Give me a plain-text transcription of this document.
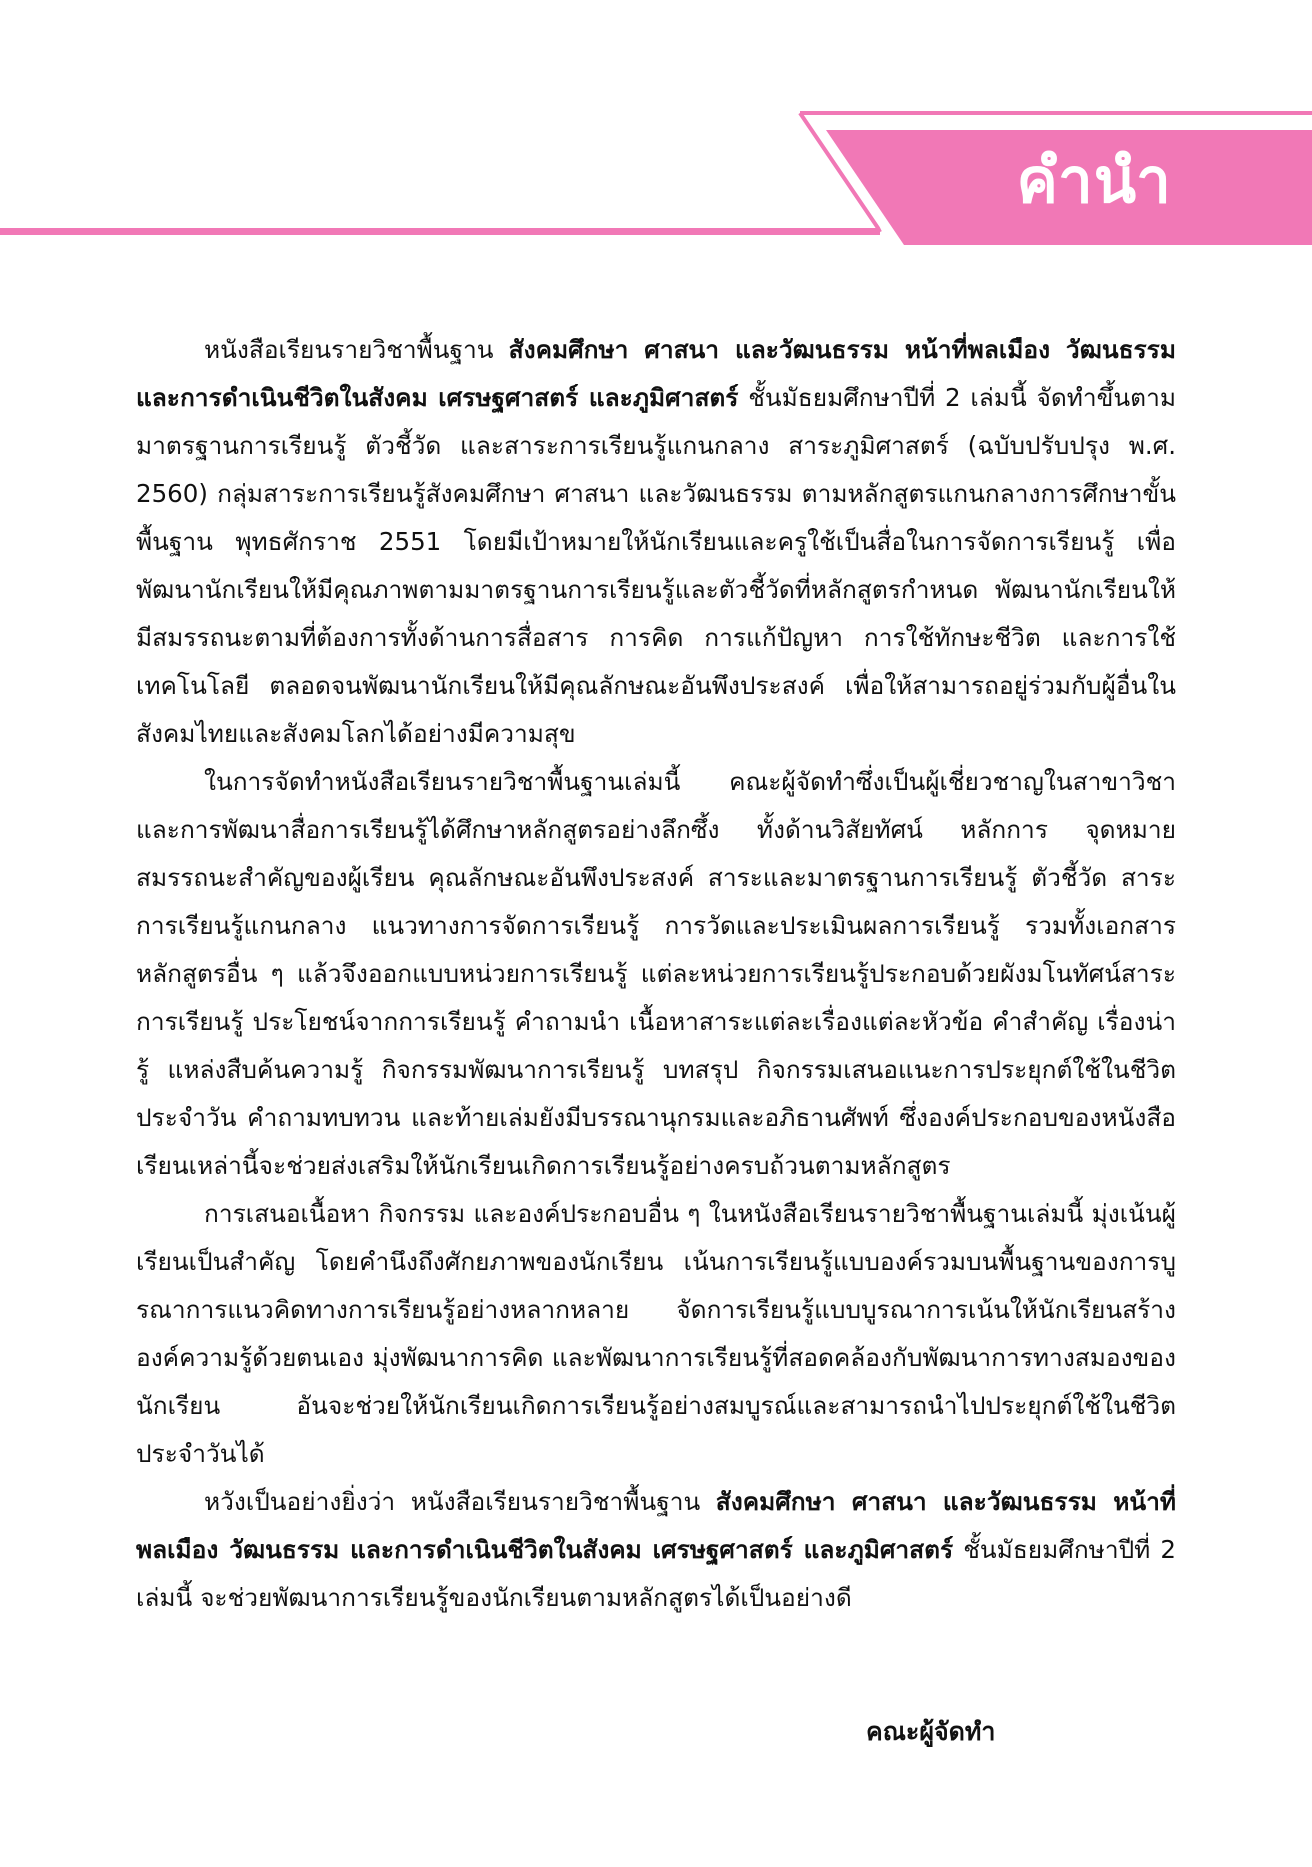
คำนำ

หนังสือเรียนรายวิชาพื้นฐาน สังคมศึกษา ศาสนา และวัฒนธรรม หน้าที่พลเมือง วัฒนธรรม และการดำเนินชีวิตในสังคม เศรษฐศาสตร์ และภูมิศาสตร์ ชั้นมัธยมศึกษาปีที่ 2 เล่มนี้ จัดทำขึ้นตามมาตรฐานการเรียนรู้ ตัวชี้วัด และสาระการเรียนรู้แกนกลาง สาระภูมิศาสตร์ (ฉบับปรับปรุง พ.ศ. 2560) กลุ่มสาระการเรียนรู้สังคมศึกษา ศาสนา และวัฒนธรรม ตามหลักสูตรแกนกลางการศึกษาขั้นพื้นฐาน พุทธศักราช 2551 โดยมีเป้าหมายให้นักเรียนและครูใช้เป็นสื่อในการจัดการเรียนรู้ เพื่อพัฒนานักเรียนให้มีคุณภาพตามมาตรฐานการเรียนรู้และตัวชี้วัดที่หลักสูตรกำหนด พัฒนานักเรียนให้มีสมรรถนะตามที่ต้องการทั้งด้านการสื่อสาร การคิด การแก้ปัญหา การใช้ทักษะชีวิต และการใช้เทคโนโลยี ตลอดจนพัฒนานักเรียนให้มีคุณลักษณะอันพึงประสงค์ เพื่อให้สามารถอยู่ร่วมกับผู้อื่นในสังคมไทยและสังคมโลกได้อย่างมีความสุข

ในการจัดทำหนังสือเรียนรายวิชาพื้นฐานเล่มนี้ คณะผู้จัดทำซึ่งเป็นผู้เชี่ยวชาญในสาขาวิชาและการพัฒนาสื่อการเรียนรู้ได้ศึกษาหลักสูตรอย่างลึกซึ้ง ทั้งด้านวิสัยทัศน์ หลักการ จุดหมาย สมรรถนะสำคัญของผู้เรียน คุณลักษณะอันพึงประสงค์ สาระและมาตรฐานการเรียนรู้ ตัวชี้วัด สาระการเรียนรู้แกนกลาง แนวทางการจัดการเรียนรู้ การวัดและประเมินผลการเรียนรู้ รวมทั้งเอกสารหลักสูตรอื่น ๆ แล้วจึงออกแบบหน่วยการเรียนรู้ แต่ละหน่วยการเรียนรู้ประกอบด้วยผังมโนทัศน์สาระการเรียนรู้ ประโยชน์จากการเรียนรู้ คำถามนำ เนื้อหาสาระแต่ละเรื่องแต่ละหัวข้อ คำสำคัญ เรื่องน่ารู้ แหล่งสืบค้นความรู้ กิจกรรมพัฒนาการเรียนรู้ บทสรุป กิจกรรมเสนอแนะการประยุกต์ใช้ในชีวิตประจำวัน คำถามทบทวน และท้ายเล่มยังมีบรรณานุกรมและอภิธานศัพท์ ซึ่งองค์ประกอบของหนังสือเรียนเหล่านี้จะช่วยส่งเสริมให้นักเรียนเกิดการเรียนรู้อย่างครบถ้วนตามหลักสูตร

การเสนอเนื้อหา กิจกรรม และองค์ประกอบอื่น ๆ ในหนังสือเรียนรายวิชาพื้นฐานเล่มนี้ มุ่งเน้นผู้เรียนเป็นสำคัญ โดยคำนึงถึงศักยภาพของนักเรียน เน้นการเรียนรู้แบบองค์รวมบนพื้นฐานของการบูรณาการแนวคิดทางการเรียนรู้อย่างหลากหลาย จัดการเรียนรู้แบบบูรณาการเน้นให้นักเรียนสร้างองค์ความรู้ด้วยตนเอง มุ่งพัฒนาการคิด และพัฒนาการเรียนรู้ที่สอดคล้องกับพัฒนาการทางสมองของนักเรียน อันจะช่วยให้นักเรียนเกิดการเรียนรู้อย่างสมบูรณ์และสามารถนำไปประยุกต์ใช้ในชีวิตประจำวันได้

หวังเป็นอย่างยิ่งว่า หนังสือเรียนรายวิชาพื้นฐาน สังคมศึกษา ศาสนา และวัฒนธรรม หน้าที่พลเมือง วัฒนธรรม และการดำเนินชีวิตในสังคม เศรษฐศาสตร์ และภูมิศาสตร์ ชั้นมัธยมศึกษาปีที่ 2 เล่มนี้ จะช่วยพัฒนาการเรียนรู้ของนักเรียนตามหลักสูตรได้เป็นอย่างดี

คณะผู้จัดทำ
